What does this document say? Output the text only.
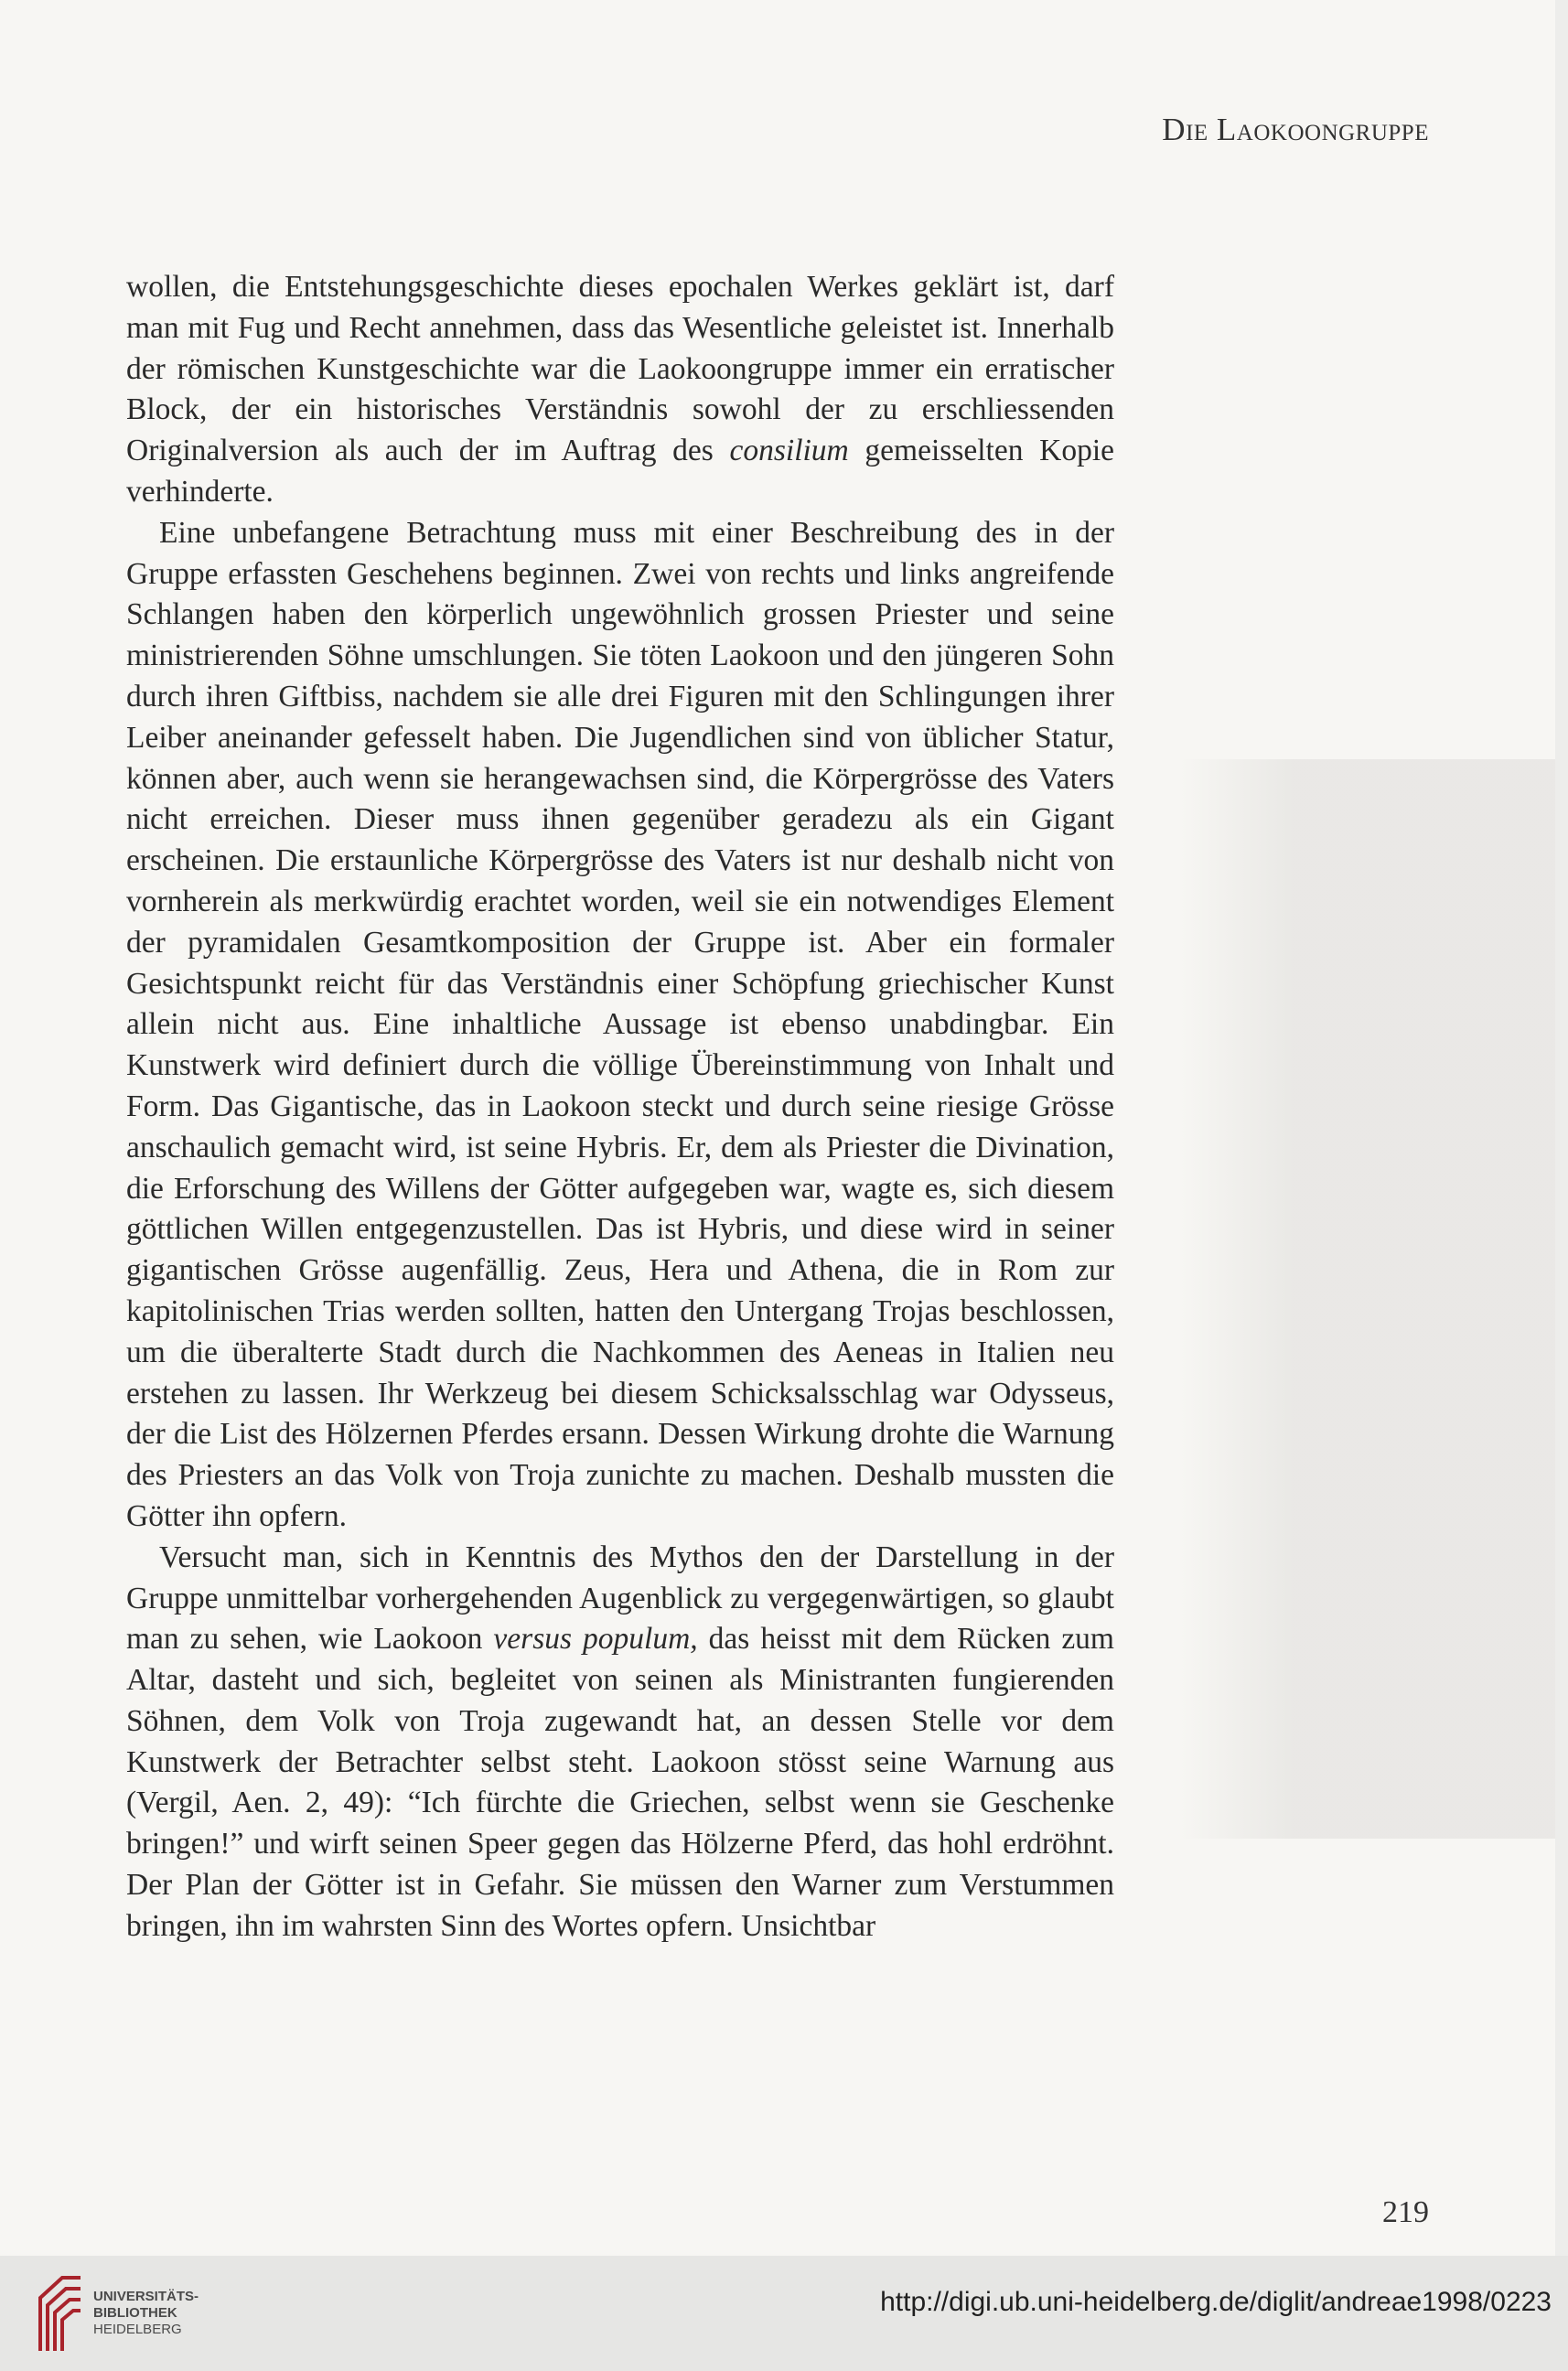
Die Laokoongruppe

wollen, die Entstehungsgeschichte dieses epochalen Werkes geklärt ist, darf man mit Fug und Recht annehmen, dass das Wesentliche geleistet ist. Innerhalb der römischen Kunstgeschichte war die Laokoongruppe immer ein erratischer Block, der ein historisches Verständnis sowohl der zu erschliessenden Originalversion als auch der im Auftrag des consilium gemeisselten Kopie verhinderte.

Eine unbefangene Betrachtung muss mit einer Beschreibung des in der Gruppe erfassten Geschehens beginnen. Zwei von rechts und links angreifende Schlangen haben den körperlich ungewöhnlich grossen Priester und seine ministrierenden Söhne umschlungen. Sie töten Laokoon und den jüngeren Sohn durch ihren Giftbiss, nachdem sie alle drei Figuren mit den Schlingungen ihrer Leiber aneinander gefesselt haben. Die Jugendlichen sind von üblicher Statur, können aber, auch wenn sie herangewachsen sind, die Körpergrösse des Vaters nicht erreichen. Dieser muss ihnen gegenüber geradezu als ein Gigant erscheinen. Die erstaunliche Körpergrösse des Vaters ist nur deshalb nicht von vornherein als merkwürdig erachtet worden, weil sie ein notwendiges Element der pyramidalen Gesamtkomposition der Gruppe ist. Aber ein formaler Gesichtspunkt reicht für das Verständnis einer Schöpfung griechischer Kunst allein nicht aus. Eine inhaltliche Aussage ist ebenso unabdingbar. Ein Kunstwerk wird definiert durch die völlige Übereinstimmung von Inhalt und Form. Das Gigantische, das in Laokoon steckt und durch seine riesige Grösse anschaulich gemacht wird, ist seine Hybris. Er, dem als Priester die Divination, die Erforschung des Willens der Götter aufgegeben war, wagte es, sich diesem göttlichen Willen entgegenzustellen. Das ist Hybris, und diese wird in seiner gigantischen Grösse augenfällig. Zeus, Hera und Athena, die in Rom zur kapitolinischen Trias werden sollten, hatten den Untergang Trojas beschlossen, um die überalterte Stadt durch die Nachkommen des Aeneas in Italien neu erstehen zu lassen. Ihr Werkzeug bei diesem Schicksalsschlag war Odysseus, der die List des Hölzernen Pferdes ersann. Dessen Wirkung drohte die Warnung des Priesters an das Volk von Troja zunichte zu machen. Deshalb mussten die Götter ihn opfern.

Versucht man, sich in Kenntnis des Mythos den der Darstellung in der Gruppe unmittelbar vorhergehenden Augenblick zu vergegenwärtigen, so glaubt man zu sehen, wie Laokoon versus populum, das heisst mit dem Rücken zum Altar, dasteht und sich, begleitet von seinen als Ministranten fungierenden Söhnen, dem Volk von Troja zugewandt hat, an dessen Stelle vor dem Kunstwerk der Betrachter selbst steht. Laokoon stösst seine Warnung aus (Vergil, Aen. 2, 49): “Ich fürchte die Griechen, selbst wenn sie Geschenke bringen!” und wirft seinen Speer gegen das Hölzerne Pferd, das hohl erdröhnt. Der Plan der Götter ist in Gefahr. Sie müssen den Warner zum Verstummen bringen, ihn im wahrsten Sinn des Wortes opfern. Unsichtbar

219
UNIVERSITÄTS-
BIBLIOTHEK
HEIDELBERG
http://digi.ub.uni-heidelberg.de/diglit/andreae1998/0223
